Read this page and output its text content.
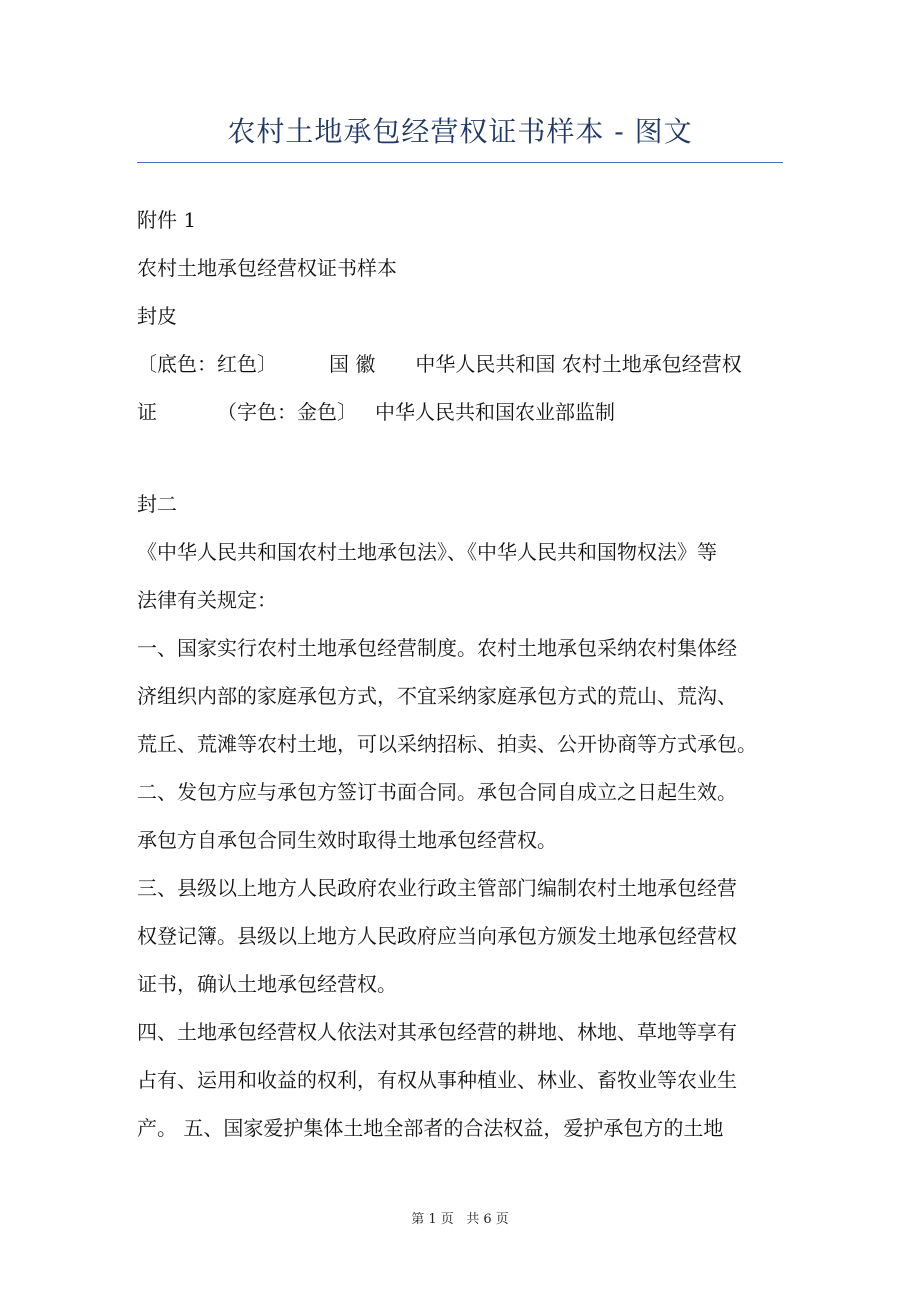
农村土地承包经营权证书样本 - 图文
附件 1
农村土地承包经营权证书样本
封皮
〔底色：红色〕	国 徽 中华人民共和国 农村土地承包经营权
证	（字色：金色〕 中华人民共和国农业部监制
封二
《中华人民共和国农村土地承包法》、《中华人民共和国物权法》等
法律有关规定：
一、国家实行农村土地承包经营制度。农村土地承包采纳农村集体经
济组织内部的家庭承包方式，不宜采纳家庭承包方式的荒山、荒沟、
荒丘、荒滩等农村土地，可以采纳招标、拍卖、公开协商等方式承包。
二、发包方应与承包方签订书面合同。承包合同自成立之日起生效。
承包方自承包合同生效时取得土地承包经营权。
三、县级以上地方人民政府农业行政主管部门编制农村土地承包经营
权登记簿。县级以上地方人民政府应当向承包方颁发土地承包经营权
证书，确认土地承包经营权。
四、土地承包经营权人依法对其承包经营的耕地、林地、草地等享有
占有、运用和收益的权利，有权从事种植业、林业、畜牧业等农业生
产。 五、国家爱护集体土地全部者的合法权益，爱护承包方的土地
第 1 页 共 6 页
